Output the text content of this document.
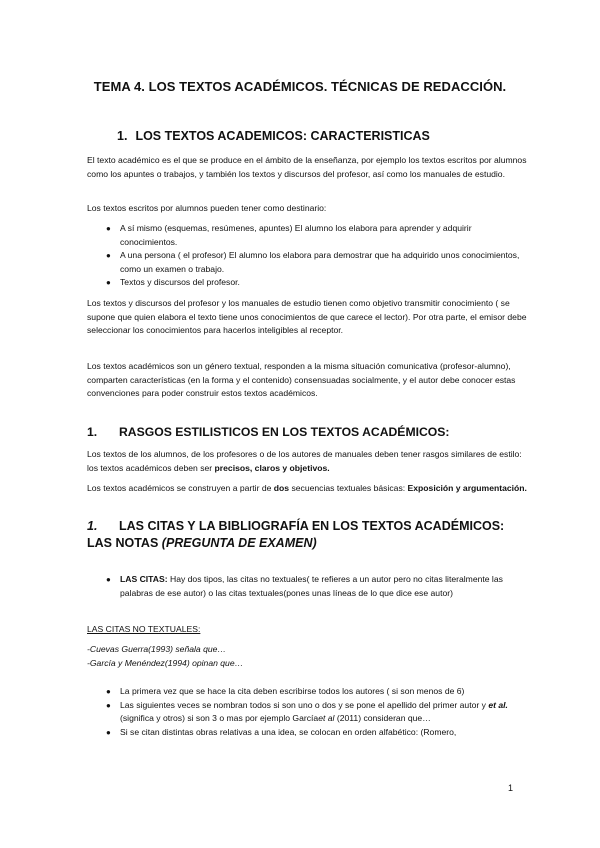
TEMA 4. LOS TEXTOS ACADÉMICOS. TÉCNICAS DE REDACCIÓN.
1. LOS TEXTOS ACADEMICOS: CARACTERISTICAS

El texto académico es el que se produce en el ámbito de la enseñanza, por ejemplo los textos escritos por alumnos como los apuntes o trabajos, y también los textos y discursos del profesor, así como los manuales de estudio.

Los textos escritos por alumnos pueden tener como destinario:

● A sí mismo (esquemas, resúmenes, apuntes) El alumno los elabora para aprender y adquirir conocimientos.
● A una persona ( el profesor) El alumno los elabora para demostrar que ha adquirido unos conocimientos, como un examen o trabajo.
● Textos y discursos del profesor.

Los textos y discursos del profesor y los manuales de estudio tienen como objetivo transmitir conocimiento ( se supone que quien elabora el texto tiene unos conocimientos de que carece el lector). Por otra parte, el emisor debe seleccionar los conocimientos para hacerlos inteligibles al receptor.

Los textos académicos son un género textual, responden a la misma situación comunicativa (profesor-alumno), comparten características (en la forma y el contenido) consensuadas socialmente, y el autor debe conocer estas convenciones para poder construir estos textos académicos.

1. RASGOS ESTILISTICOS EN LOS TEXTOS ACADÉMICOS:

Los textos de los alumnos, de los profesores o de los autores de manuales deben tener rasgos similares de estilo: los textos académicos deben ser precisos, claros y objetivos.

Los textos académicos se construyen a partir de dos secuencias textuales básicas: Exposición y argumentación.

1. LAS CITAS Y LA BIBLIOGRAFÍA EN LOS TEXTOS ACADÉMICOS: LAS NOTAS (PREGUNTA DE EXAMEN)
● LAS CITAS: Hay dos tipos, las citas no textuales( te refieres a un autor pero no citas literalmente las palabras de ese autor) o las citas textuales(pones unas líneas de lo que dice ese autor)

LAS CITAS NO TEXTUALES:

-Cuevas Guerra(1993) señala que…

-García y Menéndez(1994) opinan que…

● La primera vez que se hace la cita deben escribirse todos los autores ( si son menos de 6)
● Las siguientes veces se nombran todos si son uno o dos y se pone el apellido del primer autor y et al. (significa y otros) si son 3 o mas por ejemplo Garcíaet al (2011) consideran que…
● Si se citan distintas obras relativas a una idea, se colocan en orden alfabético: (Romero,
1
